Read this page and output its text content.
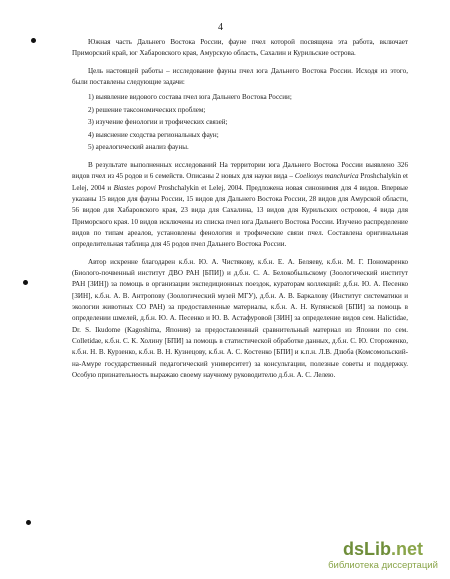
4

Южная часть Дальнего Востока России, фауне пчел которой посвящена эта работа, включает Приморский край, юг Хабаровского края, Амурскую область, Сахалин и Курильские острова.

Цель настоящей работы – исследование фауны пчел юга Дальнего Востока России. Исходя из этого, были поставлены следующие задачи:

1) выявление видового состава пчел юга Дальнего Востока России;
2) решение таксономических проблем;
3) изучение фенологии и трофических связей;
4) выяснение сходства региональных фаун;
5) ареалогический анализ фауны.

В результате выполненных исследований На территории юга Дальнего Востока России выявлено 326 видов пчел из 45 родов и 6 семейств. Описаны 2 новых для науки вида – Coelioxys manchurica Proshchalykin et Lelej, 2004 и Biastes popovi Proshchalykin et Lelej, 2004. Предложена новая синонимия для 4 видов. Впервые указаны 15 видов для фауны России, 15 видов для Дальнего Востока России, 28 видов для Амурской области, 56 видов для Хабаровского края, 23 вида для Сахалина, 13 видов для Курильских островов, 4 вида для Приморского края. 10 видов исключены из списка пчел юга Дальнего Востока России. Изучено распределение видов по типам ареалов, установлены фенология и трофические связи пчел. Составлена оригинальная определительная таблица для 45 родов пчел Дальнего Востока России.

Автор искренне благодарен к.б.н. Ю. А. Чистякову, к.б.н. Е. А. Беляеву, к.б.н. М. Г. Пономаренко (Биолого-почвенный институт ДВО РАН [БПИ]) и д.б.н. С. А. Белокобыльскому (Зоологический институт РАН [ЗИН]) за помощь в организации экспедиционных поездок, кураторам коллекций: д.б.н. Ю. А. Песенко [ЗИН], к.б.н. А. В. Антропову (Зоологический музей МГУ), д.б.н. А. В. Баркалову (Институт систематики и экологии животных СО РАН) за предоставленные материалы, к.б.н. А. Н. Купянской [БПИ] за помощь в определении шмелей, д.б.н. Ю. А. Песенко и Ю. В. Астафуровой [ЗИН] за определение видов сем. Halictidae, Dr. S. Ikudome (Kagoshima, Япония) за предоставленный сравнительный материал из Японии по сем. Colletidae, к.б.н. С. К. Холину [БПИ] за помощь в статистической обработке данных, д.б.н. С. Ю. Стороженко, к.б.н. Н. В. Курзенко, к.б.н. В. Н. Кузнецову, к.б.н. А. С. Костенко [БПИ] и к.п.н. Л.В. Дзюба (Комсомольский-на-Амуре государственный педагогический университет) за консультации, полезные советы и поддержку. Особую признательность выражаю своему научному руководителю д.б.н. А. С. Лелею.

dsLib .net
библиотека диссертаций
